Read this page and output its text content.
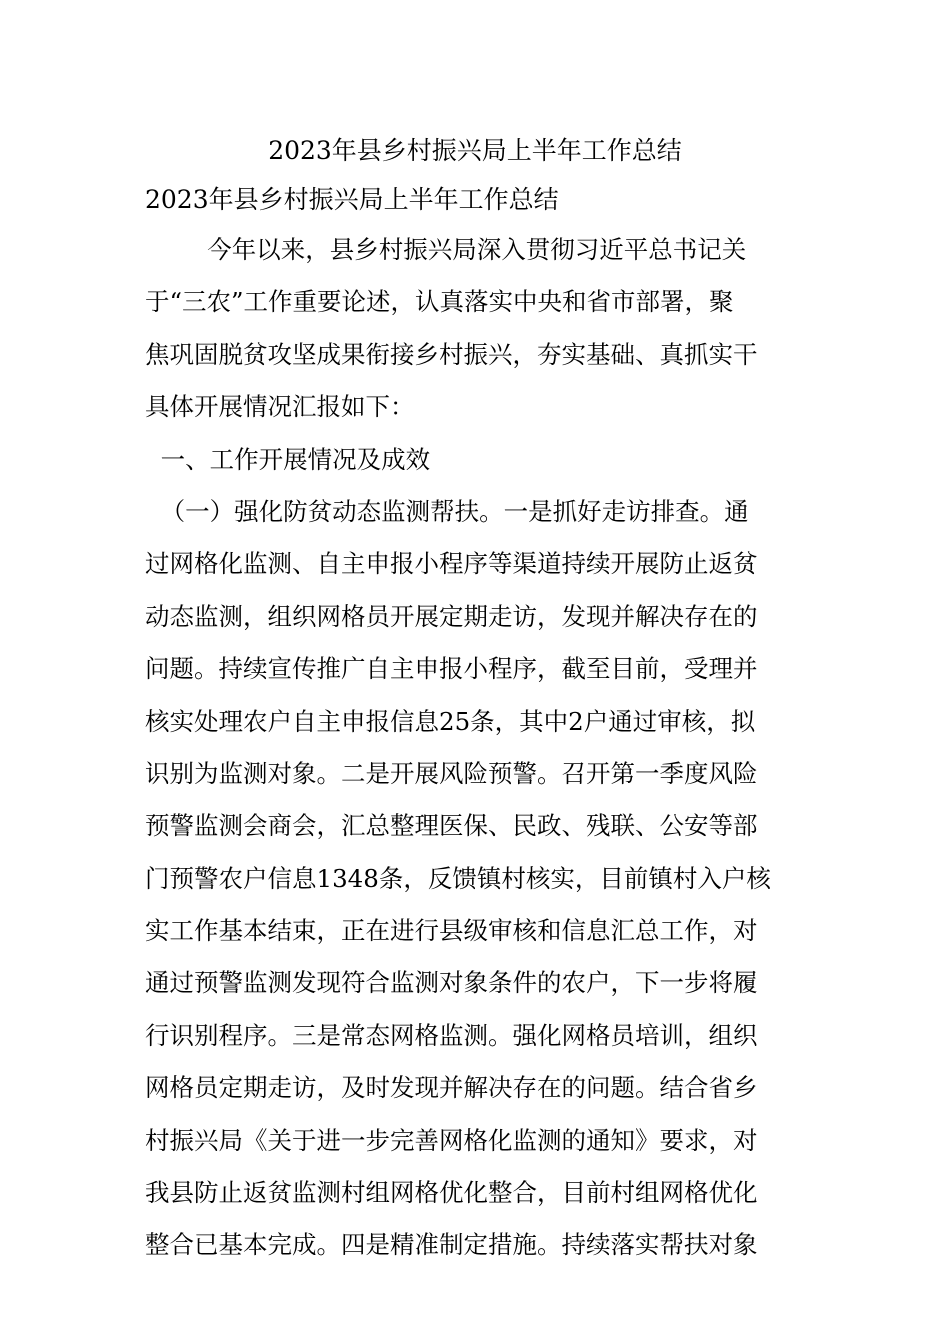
2023年县乡村振兴局上半年工作总结
2023年县乡村振兴局上半年工作总结
今年以来，县乡村振兴局深入贯彻习近平总书记关
于“三农”工作重要论述，认真落实中央和省市部署，聚
焦巩固脱贫攻坚成果衔接乡村振兴，夯实基础、真抓实干
具体开展情况汇报如下：
一、工作开展情况及成效
（一）强化防贫动态监测帮扶。一是抓好走访排查。通
过网格化监测、自主申报小程序等渠道持续开展防止返贫
动态监测，组织网格员开展定期走访，发现并解决存在的
问题。持续宣传推广自主申报小程序，截至目前，受理并
核实处理农户自主申报信息25条，其中2户通过审核，拟
识别为监测对象。二是开展风险预警。召开第一季度风险
预警监测会商会，汇总整理医保、民政、残联、公安等部
门预警农户信息1348条，反馈镇村核实，目前镇村入户核
实工作基本结束，正在进行县级审核和信息汇总工作，对
通过预警监测发现符合监测对象条件的农户，下一步将履
行识别程序。三是常态网格监测。强化网格员培训，组织
网格员定期走访，及时发现并解决存在的问题。结合省乡
村振兴局《关于进一步完善网格化监测的通知》要求，对
我县防止返贫监测村组网格优化整合，目前村组网格优化
整合已基本完成。四是精准制定措施。持续落实帮扶对象
